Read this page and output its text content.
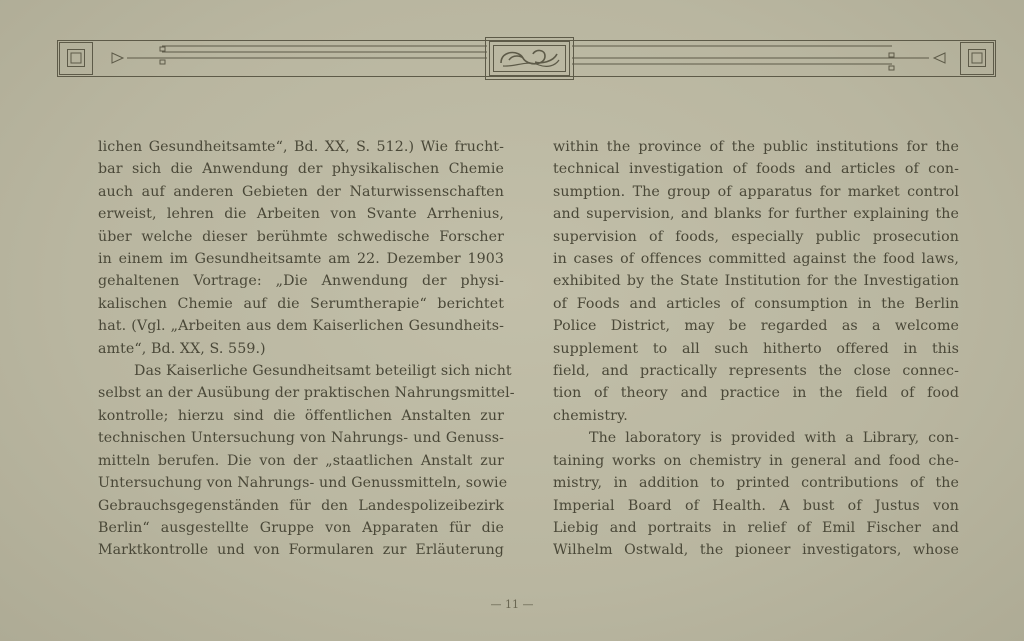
lichen Gesundheitsamte“, Bd. XX, S. 512.) Wie frucht-
bar sich die Anwendung der physikalischen Chemie
auch auf anderen Gebieten der Naturwissenschaften
erweist, lehren die Arbeiten von Svante Arrhenius,
über welche dieser berühmte schwedische Forscher
in einem im Gesundheitsamte am 22. Dezember 1903
gehaltenen Vortrage: „Die Anwendung der physi-
kalischen Chemie auf die Serumtherapie“ berichtet
hat. (Vgl. „Arbeiten aus dem Kaiserlichen Gesundheits-
amte“, Bd. XX, S. 559.)
Das Kaiserliche Gesundheitsamt beteiligt sich nicht
selbst an der Ausübung der praktischen Nahrungsmittel-
kontrolle; hierzu sind die öffentlichen Anstalten zur
technischen Untersuchung von Nahrungs- und Genuss-
mitteln berufen. Die von der „staatlichen Anstalt zur
Untersuchung von Nahrungs- und Genussmitteln, sowie
Gebrauchsgegenständen für den Landespolizeibezirk
Berlin“ ausgestellte Gruppe von Apparaten für die
Marktkontrolle und von Formularen zur Erläuterung
within the province of the public institutions for the
technical investigation of foods and articles of con-
sumption. The group of apparatus for market control
and supervision, and blanks for further explaining the
supervision of foods, especially public prosecution
in cases of offences committed against the food laws,
exhibited by the State Institution for the Investigation
of Foods and articles of consumption in the Berlin
Police District, may be regarded as a welcome
supplement to all such hitherto offered in this
field, and practically represents the close connec-
tion of theory and practice in the field of food
chemistry.
The laboratory is provided with a Library, con-
taining works on chemistry in general and food che-
mistry, in addition to printed contributions of the
Imperial Board of Health. A bust of Justus von
Liebig and portraits in relief of Emil Fischer and
Wilhelm Ostwald, the pioneer investigators, whose
— 11 —
